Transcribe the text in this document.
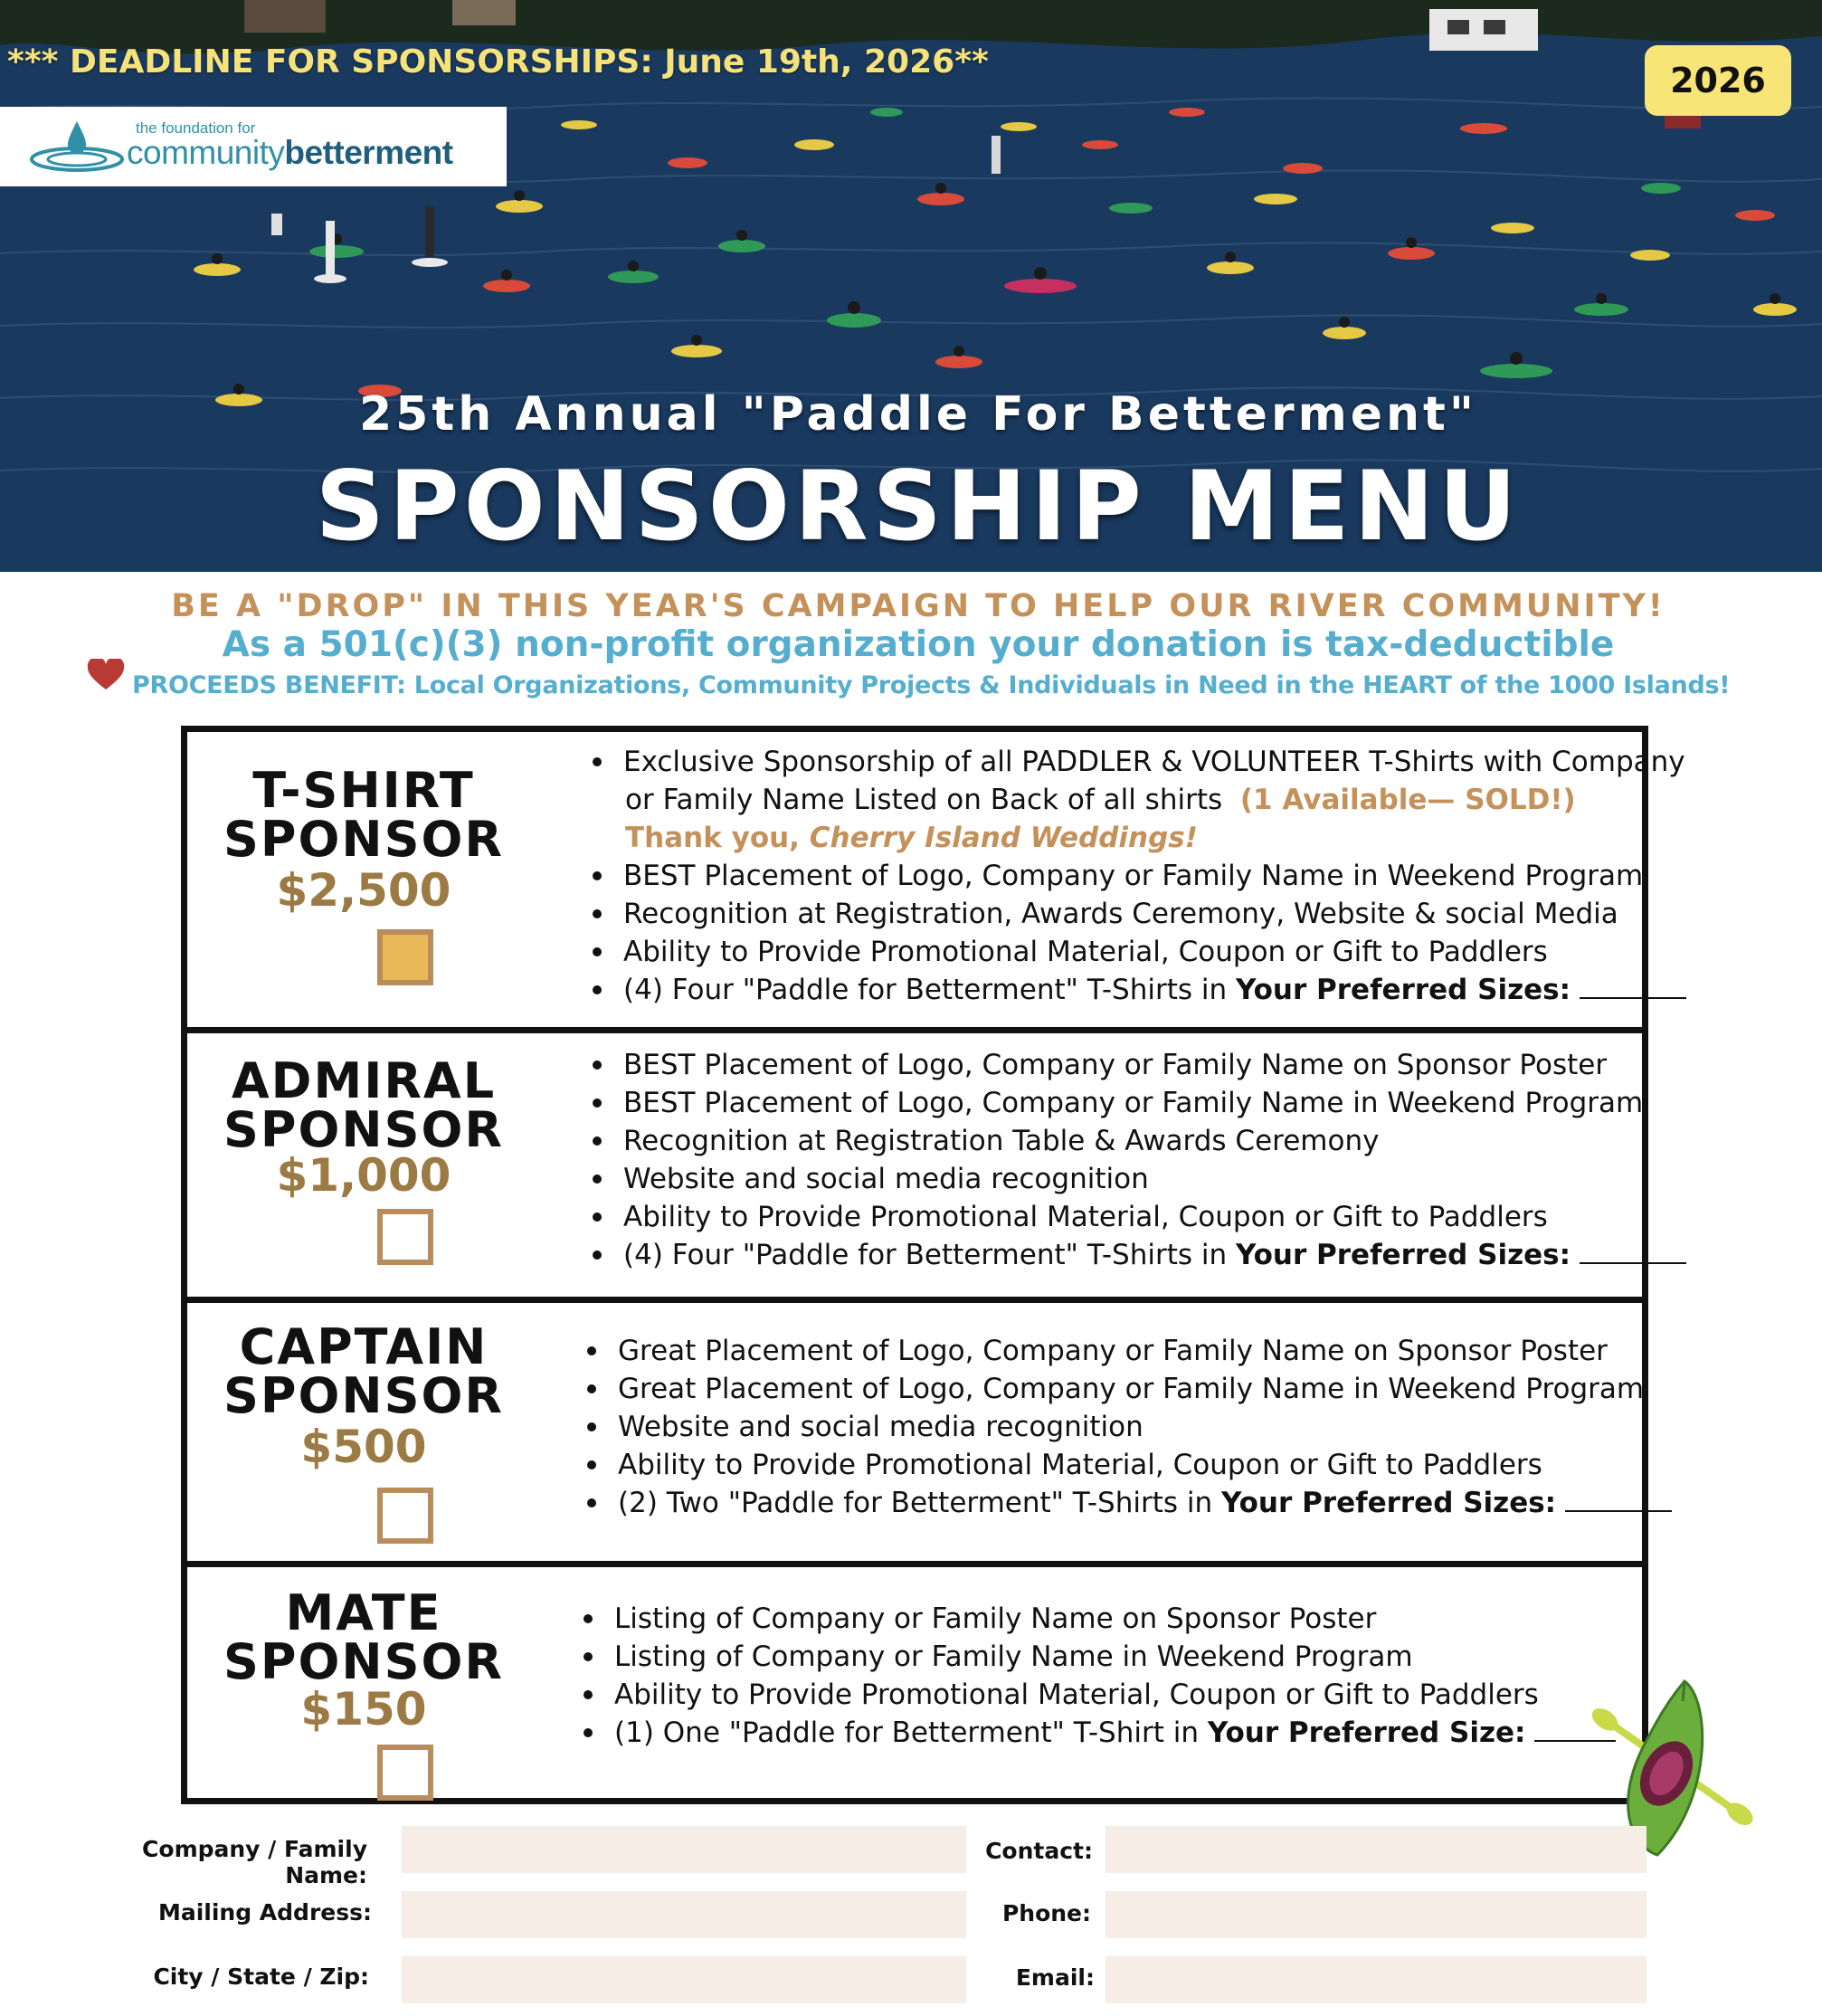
*** DEADLINE FOR SPONSORSHIPS: June 19th, 2026**	2026
the foundation for
communitybetterment
25th Annual "Paddle For Betterment"
SPONSORSHIP MENU
BE A "DROP" IN THIS YEAR'S CAMPAIGN TO HELP OUR RIVER COMMUNITY!
As a 501(c)(3) non-profit organization your donation is tax-deductible
PROCEEDS BENEFIT: Local Organizations, Community Projects & Individuals in Need in the HEART of the 1000 Islands!
T-SHIRT
SPONSOR
$2,500
Exclusive Sponsorship of all PADDLER & VOLUNTEER T-Shirts with Company
or Family Name Listed on Back of all shirts (1 Available— SOLD!)
Thank you, Cherry Island Weddings!
BEST Placement of Logo, Company or Family Name in Weekend Program
Recognition at Registration, Awards Ceremony, Website & social Media
Ability to Provide Promotional Material, Coupon or Gift to Paddlers
(4) Four "Paddle for Betterment" T-Shirts in Your Preferred Sizes:
ADMIRAL
SPONSOR
$1,000
BEST Placement of Logo, Company or Family Name on Sponsor Poster
BEST Placement of Logo, Company or Family Name in Weekend Program
Recognition at Registration Table & Awards Ceremony
Website and social media recognition
Ability to Provide Promotional Material, Coupon or Gift to Paddlers
(4) Four "Paddle for Betterment" T-Shirts in Your Preferred Sizes:
CAPTAIN
SPONSOR
$500
Great Placement of Logo, Company or Family Name on Sponsor Poster
Great Placement of Logo, Company or Family Name in Weekend Program
Website and social media recognition
Ability to Provide Promotional Material, Coupon or Gift to Paddlers
(2) Two "Paddle for Betterment" T-Shirts in Your Preferred Sizes:
MATE
SPONSOR
$150
Listing of Company or Family Name on Sponsor Poster
Listing of Company or Family Name in Weekend Program
Ability to Provide Promotional Material, Coupon or Gift to Paddlers
(1) One "Paddle for Betterment" T-Shirt in Your Preferred Size:
Company / Family Name:
Mailing Address:
City / State / Zip:
Contact:
Phone:
Email:
